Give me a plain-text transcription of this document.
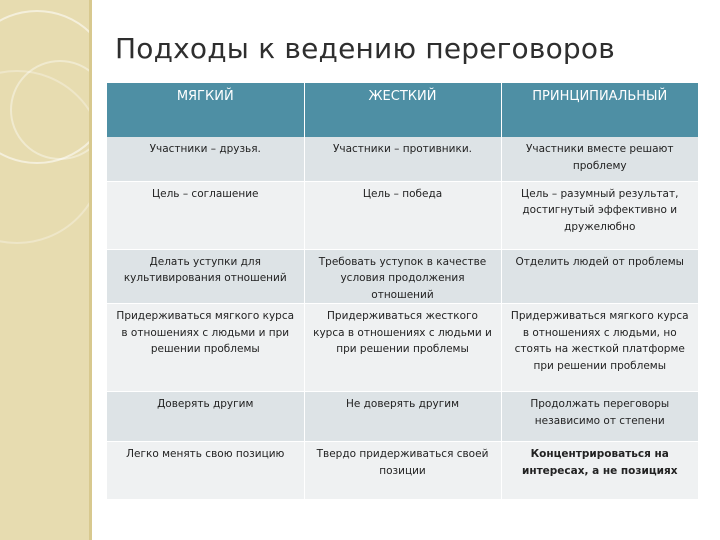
Подходы к ведению переговоров
МЯГКИЙ	ЖЕСТКИЙ	ПРИНЦИПИАЛЬНЫЙ
Участники – друзья.	Участники – противники.	Участники вместе решают проблему
Цель – соглашение	Цель – победа	Цель – разумный результат, достигнутый эффективно и дружелюбно
Делать уступки для культивирования отношений	Требовать уступок в качестве условия продолжения отношений	Отделить людей от проблемы
Придерживаться мягкого курса в отношениях с людьми и при решении проблемы	Придерживаться жесткого курса в отношениях с людьми и при решении проблемы	Придерживаться мягкого курса в отношениях с людьми, но стоять на жесткой платформе при решении проблемы
Доверять другим	Не доверять другим	Продолжать переговоры независимо от степени
Легко менять свою позицию	Твердо придерживаться своей позиции	Концентрироваться на интересах, а не позициях
